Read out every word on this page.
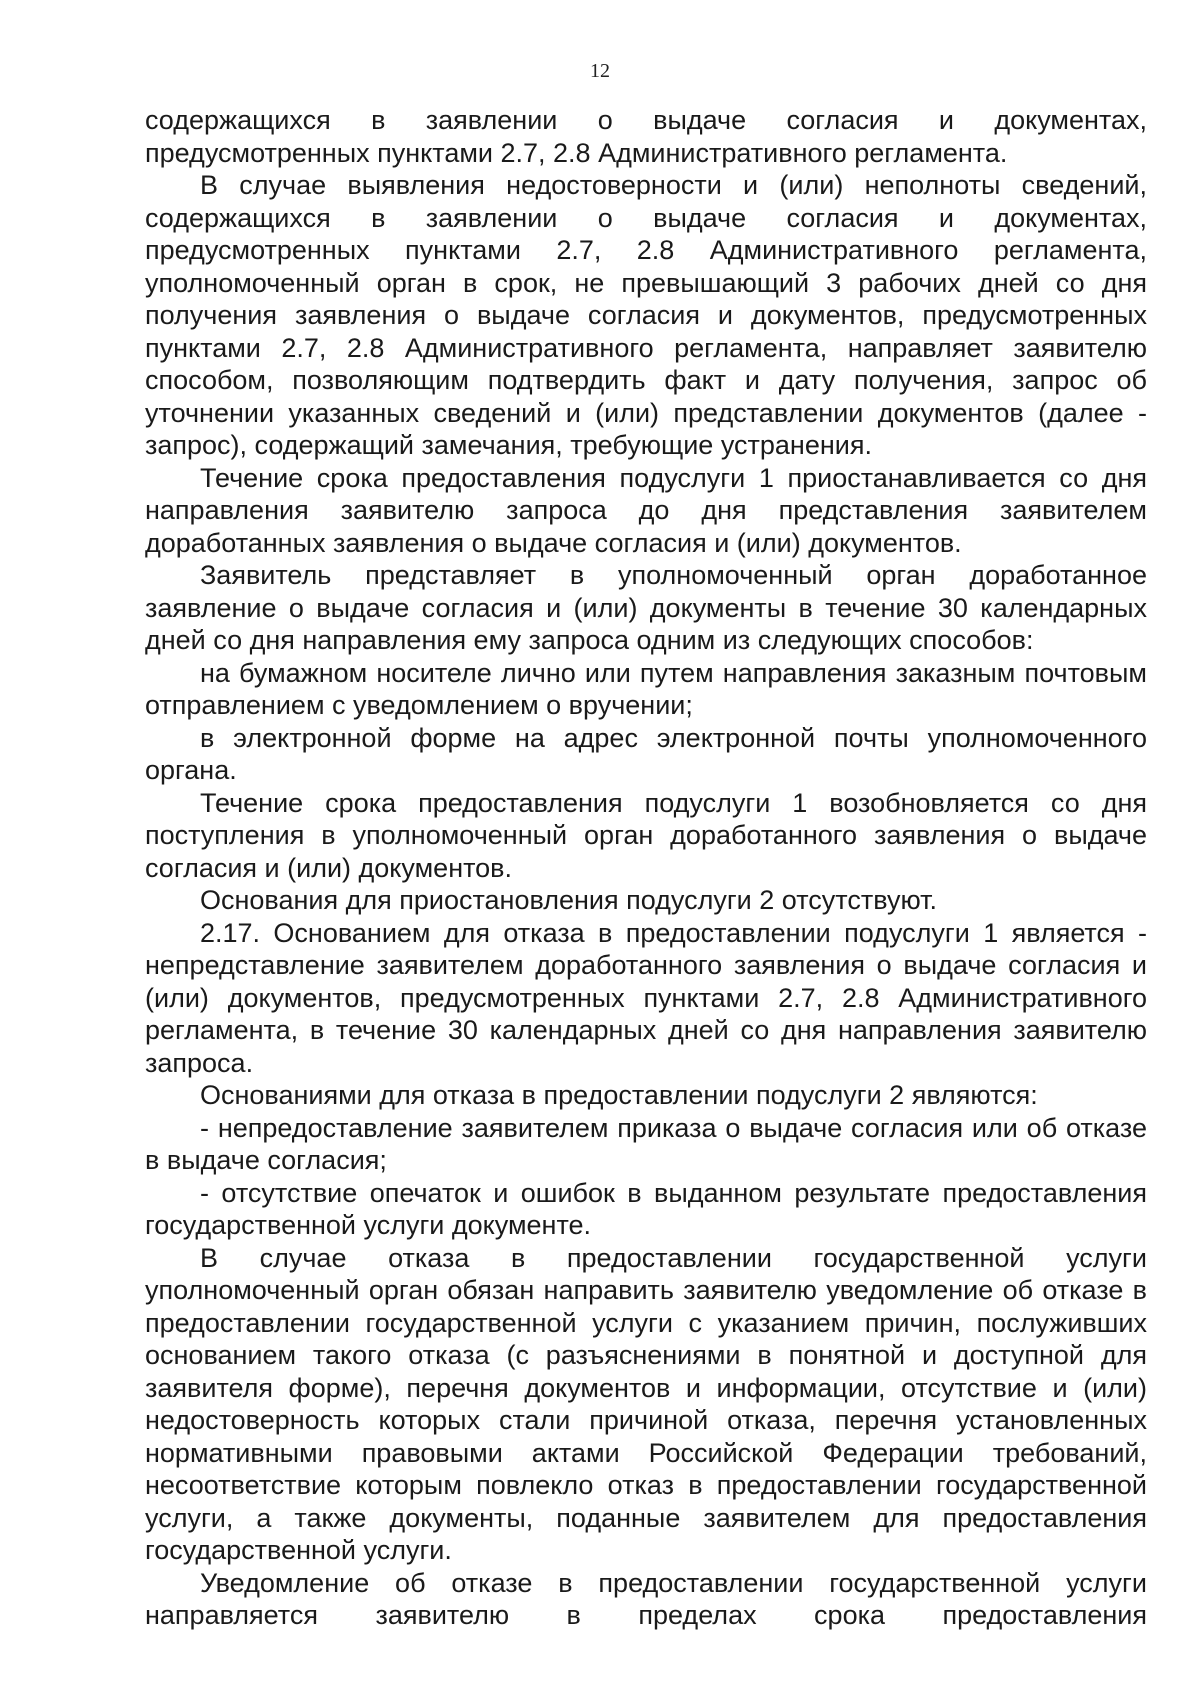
12

содержащихся в заявлении о выдаче согласия и документах, предусмотренных пунктами 2.7, 2.8 Административного регламента.

В случае выявления недостоверности и (или) неполноты сведений, содержащихся в заявлении о выдаче согласия и документах, предусмотренных пунктами 2.7, 2.8 Административного регламента, уполномоченный орган в срок, не превышающий 3 рабочих дней со дня получения заявления о выдаче согласия и документов, предусмотренных пунктами 2.7, 2.8 Административного регламента, направляет заявителю способом, позволяющим подтвердить факт и дату получения, запрос об уточнении указанных сведений и (или) представлении документов (далее - запрос), содержащий замечания, требующие устранения.

Течение срока предоставления подуслуги 1 приостанавливается со дня направления заявителю запроса до дня представления заявителем доработанных заявления о выдаче согласия и (или) документов.

Заявитель представляет в уполномоченный орган доработанное заявление о выдаче согласия и (или) документы в течение 30 календарных дней со дня направления ему запроса одним из следующих способов:

на бумажном носителе лично или путем направления заказным почтовым отправлением с уведомлением о вручении;

в электронной форме на адрес электронной почты уполномоченного органа.

Течение срока предоставления подуслуги 1 возобновляется со дня поступления в уполномоченный орган доработанного заявления о выдаче согласия и (или) документов.

Основания для приостановления подуслуги 2 отсутствуют.

2.17. Основанием для отказа в предоставлении подуслуги 1 является - непредставление заявителем доработанного заявления о выдаче согласия и (или) документов, предусмотренных пунктами 2.7, 2.8 Административного регламента, в течение 30 календарных дней со дня направления заявителю запроса.

Основаниями для отказа в предоставлении подуслуги 2 являются:

- непредоставление заявителем приказа о выдаче согласия или об отказе в выдаче согласия;

- отсутствие опечаток и ошибок в выданном результате предоставления государственной услуги документе.

В случае отказа в предоставлении государственной услуги уполномоченный орган обязан направить заявителю уведомление об отказе в предоставлении государственной услуги с указанием причин, послуживших основанием такого отказа (с разъяснениями в понятной и доступной для заявителя форме), перечня документов и информации, отсутствие и (или) недостоверность которых стали причиной отказа, перечня установленных нормативными правовыми актами Российской Федерации требований, несоответствие которым повлекло отказ в предоставлении государственной услуги, а также документы, поданные заявителем для предоставления государственной услуги.

Уведомление об отказе в предоставлении государственной услуги направляется заявителю в пределах срока предоставления
